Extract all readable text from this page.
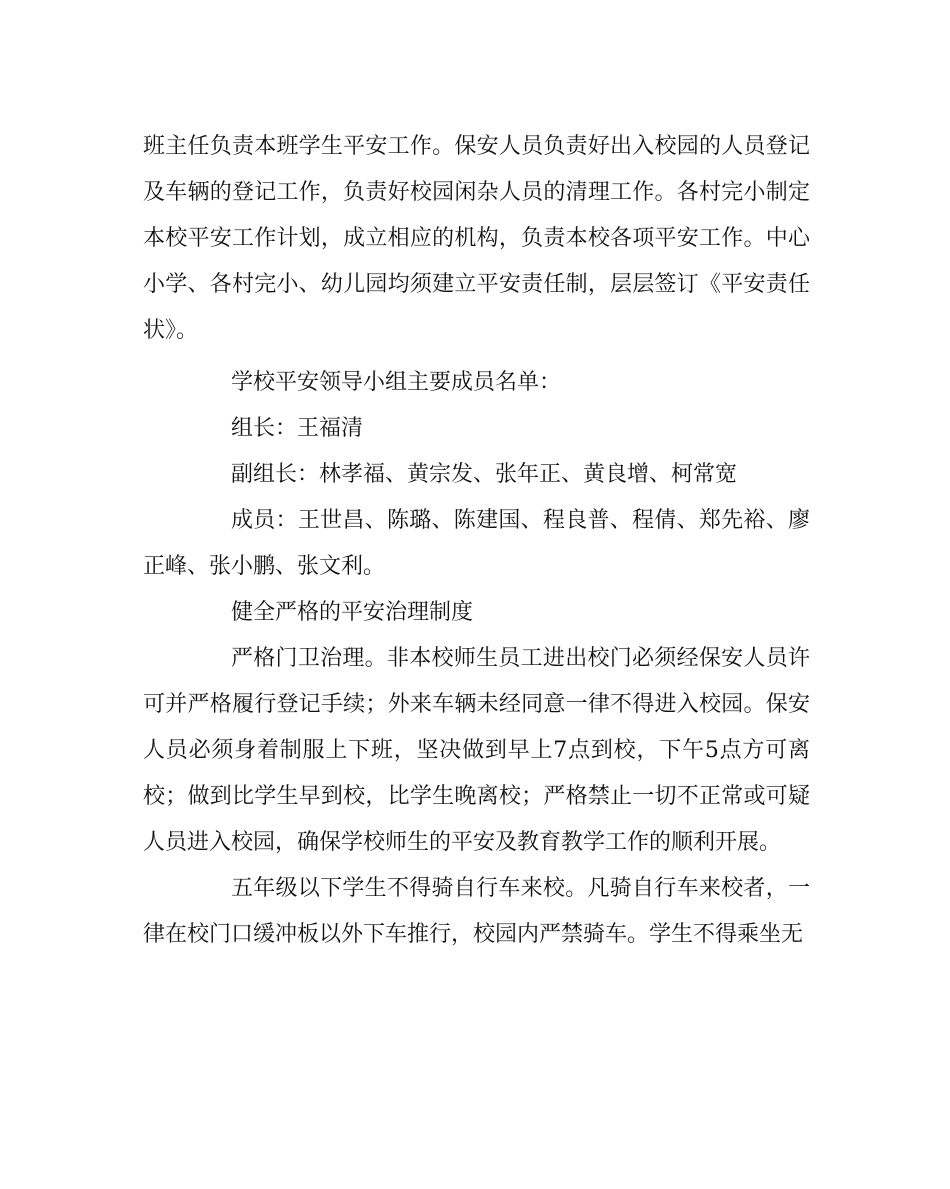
班主任负责本班学生平安工作。保安人员负责好出入校园的人员登记及车辆的登记工作，负责好校园闲杂人员的清理工作。各村完小制定本校平安工作计划，成立相应的机构，负责本校各项平安工作。中心小学、各村完小、幼儿园均须建立平安责任制，层层签订《平安责任状》。

学校平安领导小组主要成员名单：

组长：王福清

副组长：林孝福、黄宗发、张年正、黄良增、柯常宽

成员：王世昌、陈璐、陈建国、程良普、程倩、郑先裕、廖正峰、张小鹏、张文利。

健全严格的平安治理制度

严格门卫治理。非本校师生员工进出校门必须经保安人员许可并严格履行登记手续；外来车辆未经同意一律不得进入校园。保安人员必须身着制服上下班，坚决做到早上7点到校，下午5点方可离校；做到比学生早到校，比学生晚离校；严格禁止一切不正常或可疑人员进入校园，确保学校师生的平安及教育教学工作的顺利开展。

五年级以下学生不得骑自行车来校。凡骑自行车来校者，一律在校门口缓冲板以外下车推行，校园内严禁骑车。学生不得乘坐无
